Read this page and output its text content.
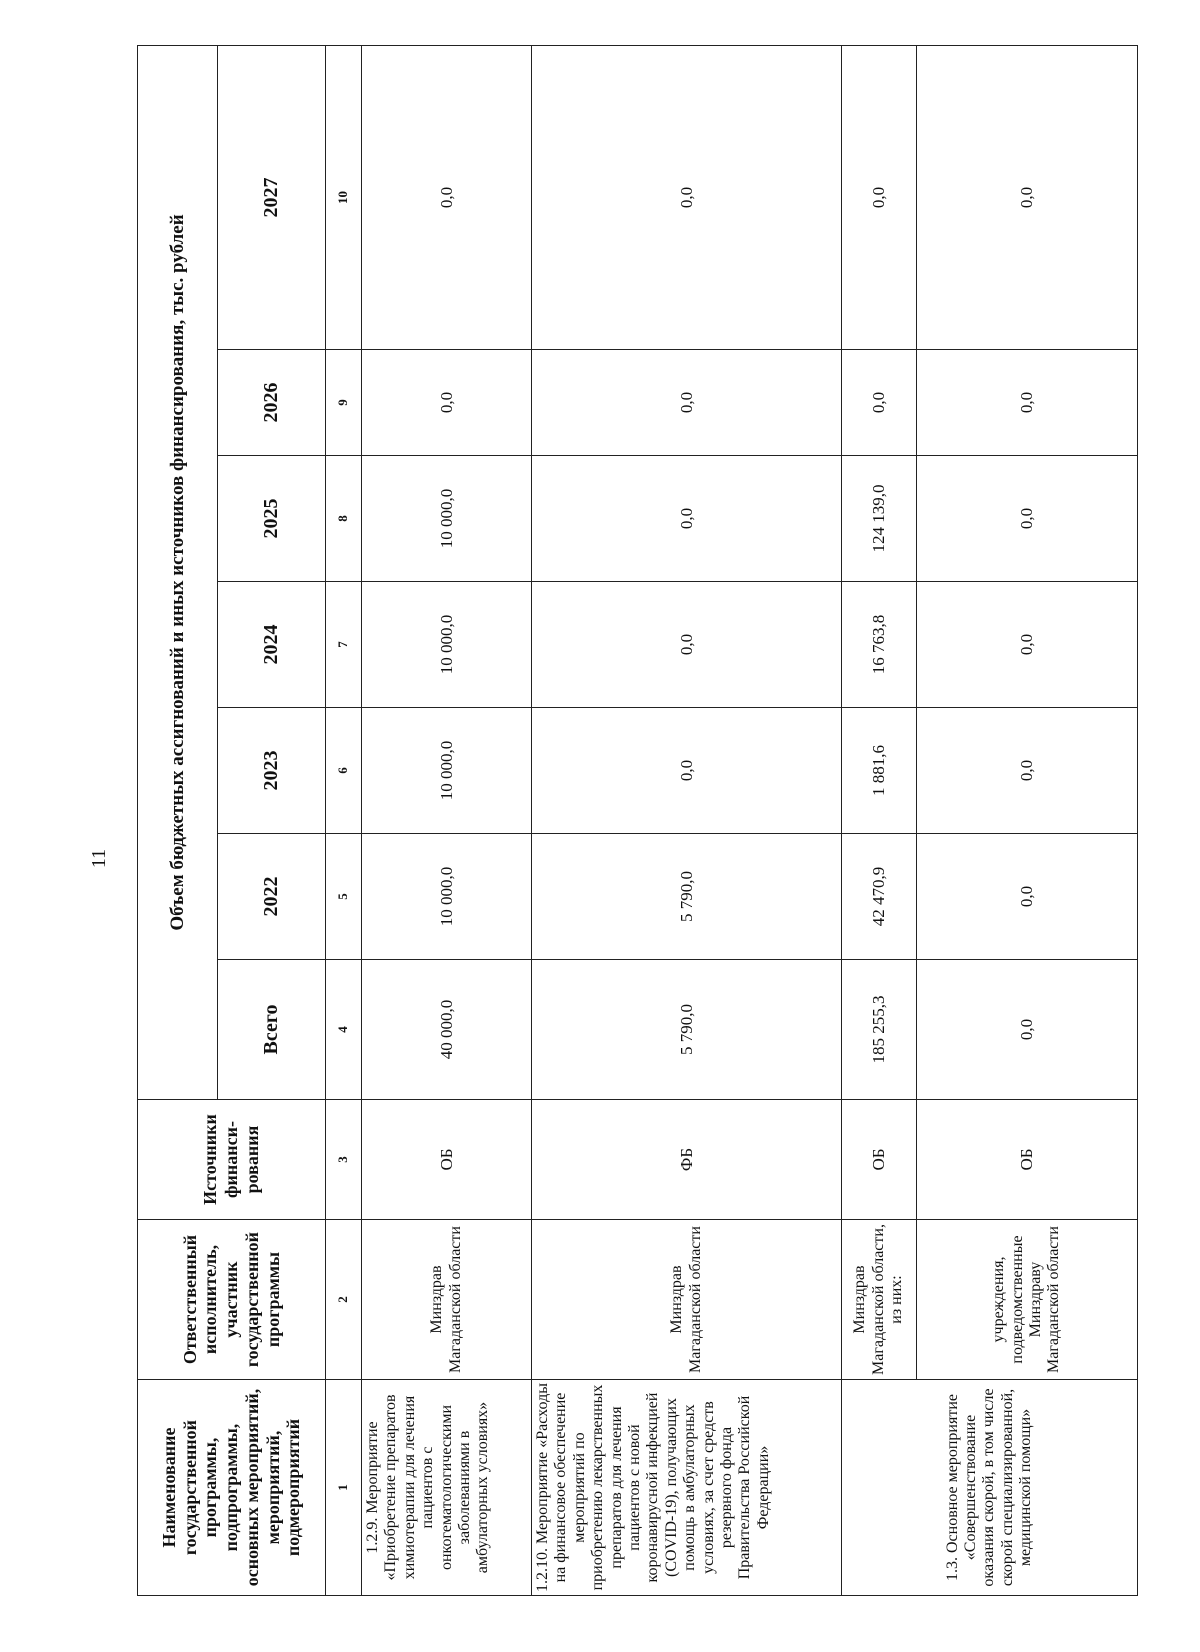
11
Наименование государственной программы, подпрограммы, основных мероприятий, мероприятий, подмероприятий	Ответственный исполнитель, участник государственной программы	Источники финанси-рования	Объем бюджетных ассигнований и иных источников финансирования, тыс. рублей						
			Всего	2022	2023	2024	2025	2026	2027
1	2	3	4	5	6	7	8	9	10
1.2.9. Мероприятие «Приобретение препаратов химиотерапии для лечения пациентов с онкогематологическими заболеваниями в амбулаторных условиях»	Минздрав Магаданской области	ОБ	40 000,0	10 000,0	10 000,0	10 000,0	10 000,0	0,0	0,0
1.2.10. Мероприятие «Расходы на финансовое обеспечение мероприятий по приобретению лекарственных препаратов для лечения пациентов с новой коронавирусной инфекцией (COVID-19), получающих помощь в амбулаторных условиях, за счет средств резервного фонда Правительства Российской Федерации»	Минздрав Магаданской области	ФБ	5 790,0	5 790,0	0,0	0,0	0,0	0,0	0,0
1.3. Основное мероприятие «Совершенствование оказания скорой, в том числе скорой специализированной, медицинской помощи»	Минздрав Магаданской области, из них:	ОБ	185 255,3	42 470,9	1 881,6	16 763,8	124 139,0	0,0	0,0
	учреждения, подведомственные Минздраву Магаданской области	ОБ	0,0	0,0	0,0	0,0	0,0	0,0	0,0
